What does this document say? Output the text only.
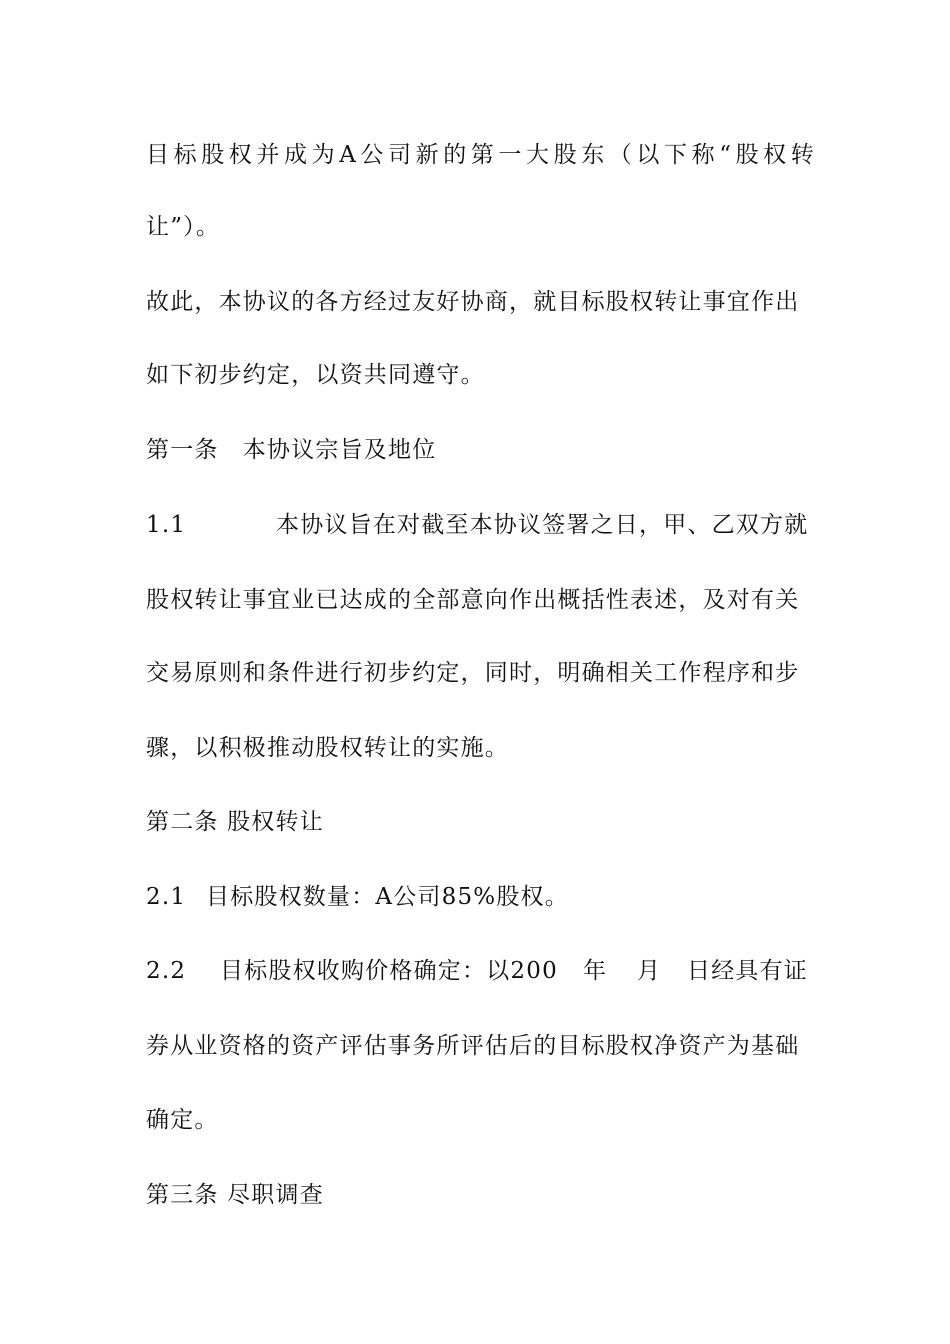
目标股权并成为A公司新的第一大股东（以下称“股权转
让”）。
故此，本协议的各方经过友好协商，就目标股权转让事宜作出
如下初步约定，以资共同遵守。
第一条　本协议宗旨及地位

1.1

	本协议旨在对截至本协议签署之日，甲、乙双方就

股权转让事宜业已达成的全部意向作出概括性表述，及对有关
交易原则和条件进行初步约定，同时，明确相关工作程序和步
骤，以积极推动股权转让的实施。
第二条 股权转让

2.1

目标股权数量：A公司85%股权。

2.2

目标股权收购价格确定：以200

年

月

日经具有证

券从业资格的资产评估事务所评估后的目标股权净资产为基础
确定。
第三条 尽职调查
